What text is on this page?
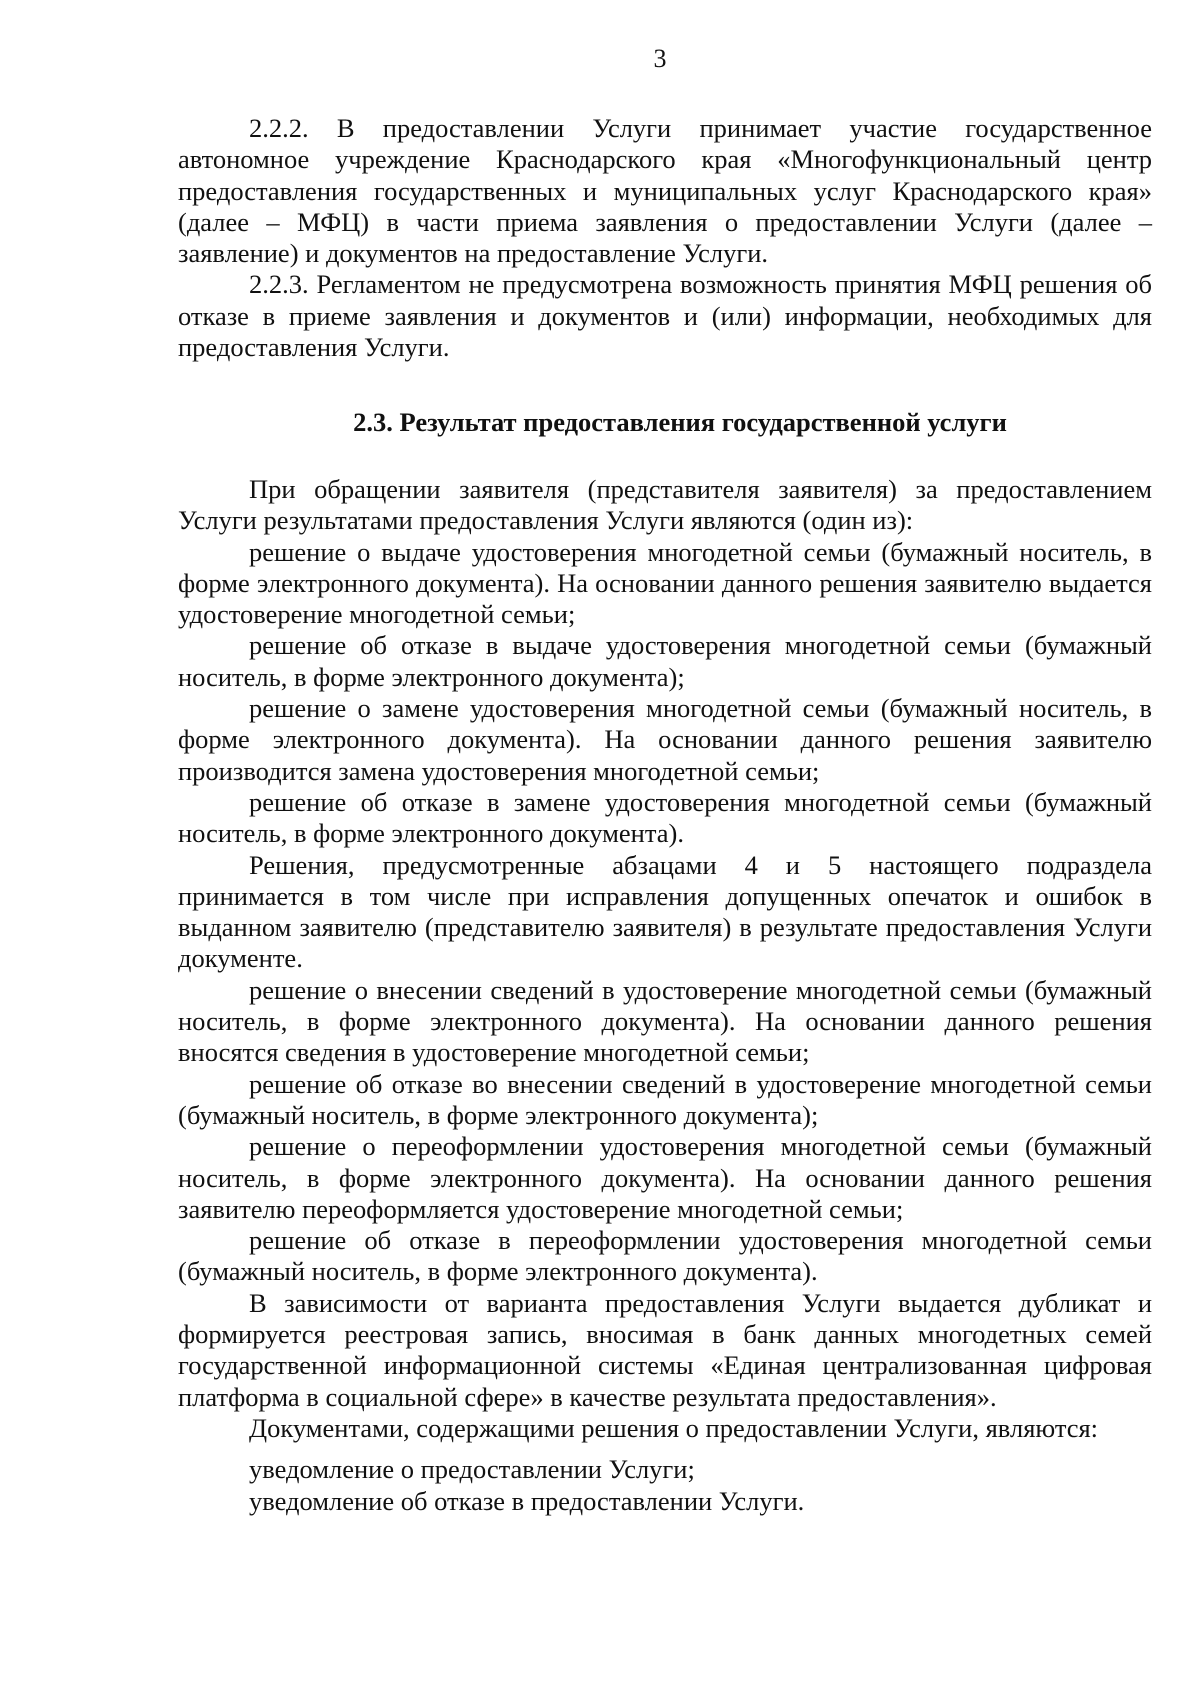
3

2.2.2. В предоставлении Услуги принимает участие государственное автономное учреждение Краснодарского края «Многофункциональный центр предоставления государственных и муниципальных услуг Краснодарского края» (далее – МФЦ) в части приема заявления о предоставлении Услуги (далее – заявление) и документов на предоставление Услуги.

2.2.3. Регламентом не предусмотрена возможность принятия МФЦ решения об отказе в приеме заявления и документов и (или) информации, необходимых для предоставления Услуги.

2.3. Результат предоставления государственной услуги

При обращении заявителя (представителя заявителя) за предоставлением Услуги результатами предоставления Услуги являются (один из):

решение о выдаче удостоверения многодетной семьи (бумажный носитель, в форме электронного документа). На основании данного решения заявителю выдается удостоверение многодетной семьи;

решение об отказе в выдаче удостоверения многодетной семьи (бумажный носитель, в форме электронного документа);

решение о замене удостоверения многодетной семьи (бумажный носитель, в форме электронного документа). На основании данного решения заявителю производится замена удостоверения многодетной семьи;

решение об отказе в замене удостоверения многодетной семьи (бумажный носитель, в форме электронного документа).

Решения, предусмотренные абзацами 4 и 5 настоящего подраздела принимается в том числе при исправления допущенных опечаток и ошибок в выданном заявителю (представителю заявителя) в результате предоставления Услуги документе.

решение о внесении сведений в удостоверение многодетной семьи (бумажный носитель, в форме электронного документа). На основании данного решения вносятся сведения в удостоверение многодетной семьи;

решение об отказе во внесении сведений в удостоверение многодетной семьи (бумажный носитель, в форме электронного документа);

решение о переоформлении удостоверения многодетной семьи (бумажный носитель, в форме электронного документа). На основании данного решения заявителю переоформляется удостоверение многодетной семьи;

решение об отказе в переоформлении удостоверения многодетной семьи (бумажный носитель, в форме электронного документа).

В зависимости от варианта предоставления Услуги выдается дубликат и формируется реестровая запись, вносимая в банк данных многодетных семей государственной информационной системы «Единая централизованная цифровая платформа в социальной сфере» в качестве результата предоставления».

Документами, содержащими решения о предоставлении Услуги, являются:

уведомление о предоставлении Услуги;

уведомление об отказе в предоставлении Услуги.
